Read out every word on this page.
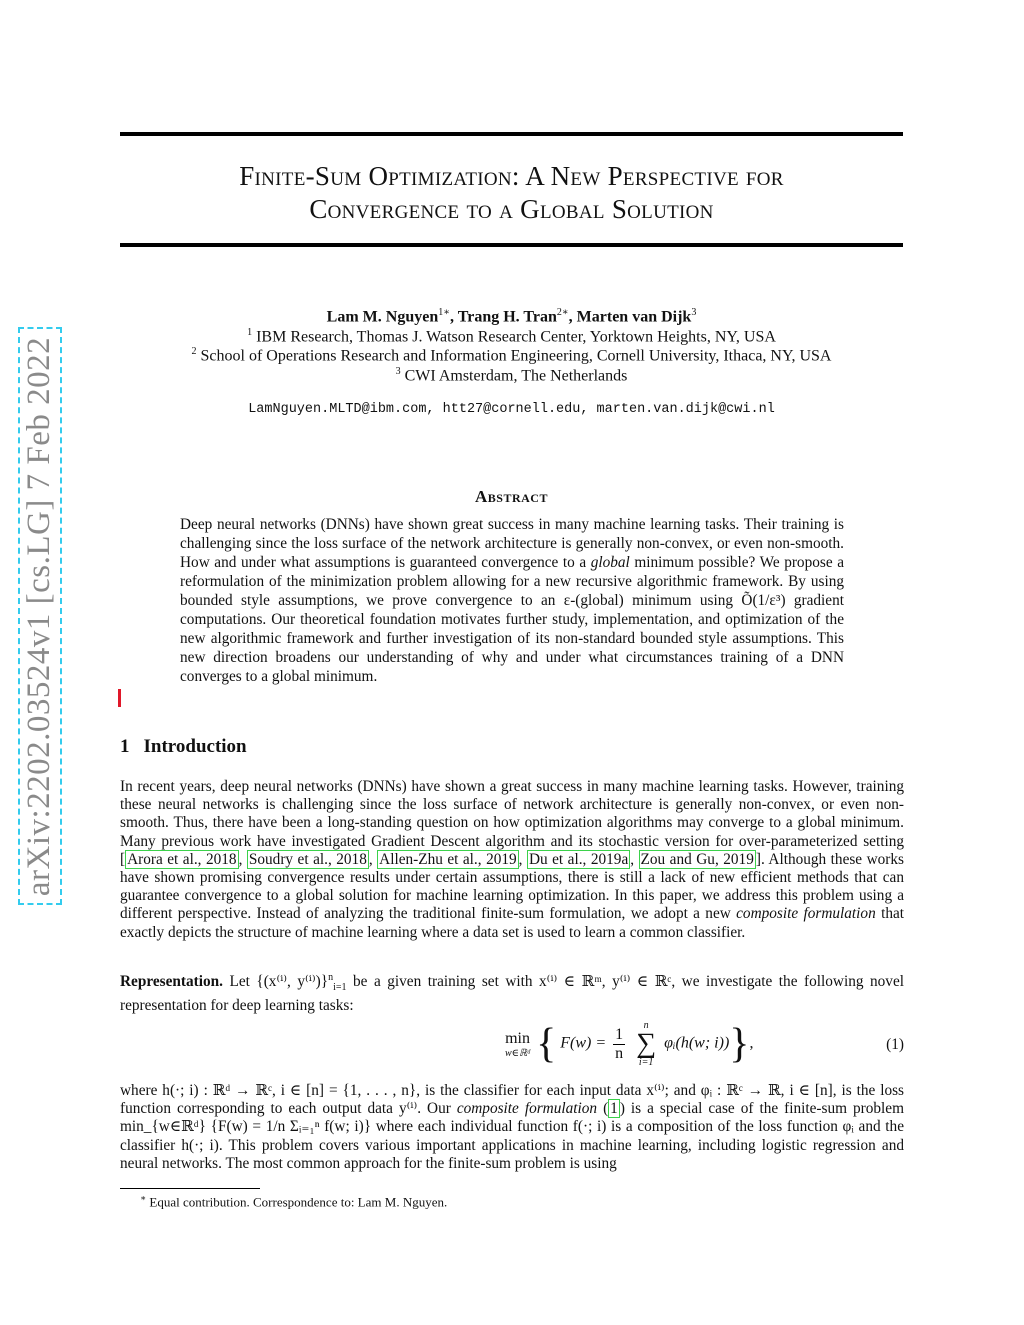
arXiv:2202.03524v1 [cs.LG] 7 Feb 2022
Finite-Sum Optimization: A New Perspective for
Convergence to a Global Solution
Lam M. Nguyen$^{1∗}$, Trang H. Tran$^{2∗}$, Marten van Dijk$^3$
$^1$ IBM Research, Thomas J. Watson Research Center, Yorktown Heights, NY, USA
$^2$ School of Operations Research and Information Engineering, Cornell University, Ithaca, NY, USA
$^3$ CWI Amsterdam, The Netherlands
LamNguyen.MLTD@ibm.com, htt27@cornell.edu, marten.van.dijk@cwi.nl
Abstract
Deep neural networks (DNNs) have shown great success in many machine learning tasks. Their training is challenging since the loss surface of the network architecture is generally non-convex, or even non-smooth. How and under what assumptions is guaranteed convergence to a global minimum possible? We propose a reformulation of the minimization problem allowing for a new recursive algorithmic framework. By using bounded style assumptions, we prove convergence to an ε-(global) minimum using Õ(1/ε³) gradient computations. Our theoretical foundation motivates further study, implementation, and optimization of the new algorithmic framework and further investigation of its non-standard bounded style assumptions. This new direction broadens our understanding of why and under what circumstances training of a DNN converges to a global minimum.
1 Introduction
In recent years, deep neural networks (DNNs) have shown a great success in many machine learning tasks. However, training these neural networks is challenging since the loss surface of network architecture is generally non-convex, or even non-smooth. Thus, there have been a long-standing question on how optimization algorithms may converge to a global minimum. Many previous work have investigated Gradient Descent algorithm and its stochastic version for over-parameterized setting [ Arora et al., 2018 , Soudry et al., 2018 , Allen-Zhu et al., 2019 , Du et al., 2019a , Zou and Gu, 2019 ]. Although these works have shown promising convergence results under certain assumptions, there is still a lack of new efficient methods that can guarantee convergence to a global solution for machine learning optimization. In this paper, we address this problem using a different perspective. Instead of analyzing the traditional finite-sum formulation, we adopt a new composite formulation that exactly depicts the structure of machine learning where a data set is used to learn a common classifier.
Representation. Let {(x⁽ⁱ⁾, y⁽ⁱ⁾)}$^n_{i=1}$ be a given training set with x⁽ⁱ⁾ ∈ ℝᵐ, y⁽ⁱ⁾ ∈ ℝᶜ, we investigate the following novel representation for deep learning tasks:
min
w∈ℝᵈ { $F(w) = \frac{1}{n}$
	n
∑
i=1
φᵢ(h(w; i))},	(1)
where h(·; i) : ℝᵈ → ℝᶜ, i ∈ [n] = {1, . . . , n}, is the classifier for each input data x⁽ⁱ⁾; and φᵢ : ℝᶜ → ℝ, i ∈ [n], is the loss function corresponding to each output data y⁽ⁱ⁾. Our composite formulation ( 1 ) is a special case of the finite-sum problem min_{w∈ℝᵈ} {F(w) = 1/n Σᵢ₌₁ⁿ f(w; i)} where each individual function f(·; i) is a composition of the loss function φᵢ and the classifier h(·; i). This problem covers various important applications in machine learning, including logistic regression and neural networks. The most common approach for the finite-sum problem is using
∗ Equal contribution. Correspondence to: Lam M. Nguyen.
